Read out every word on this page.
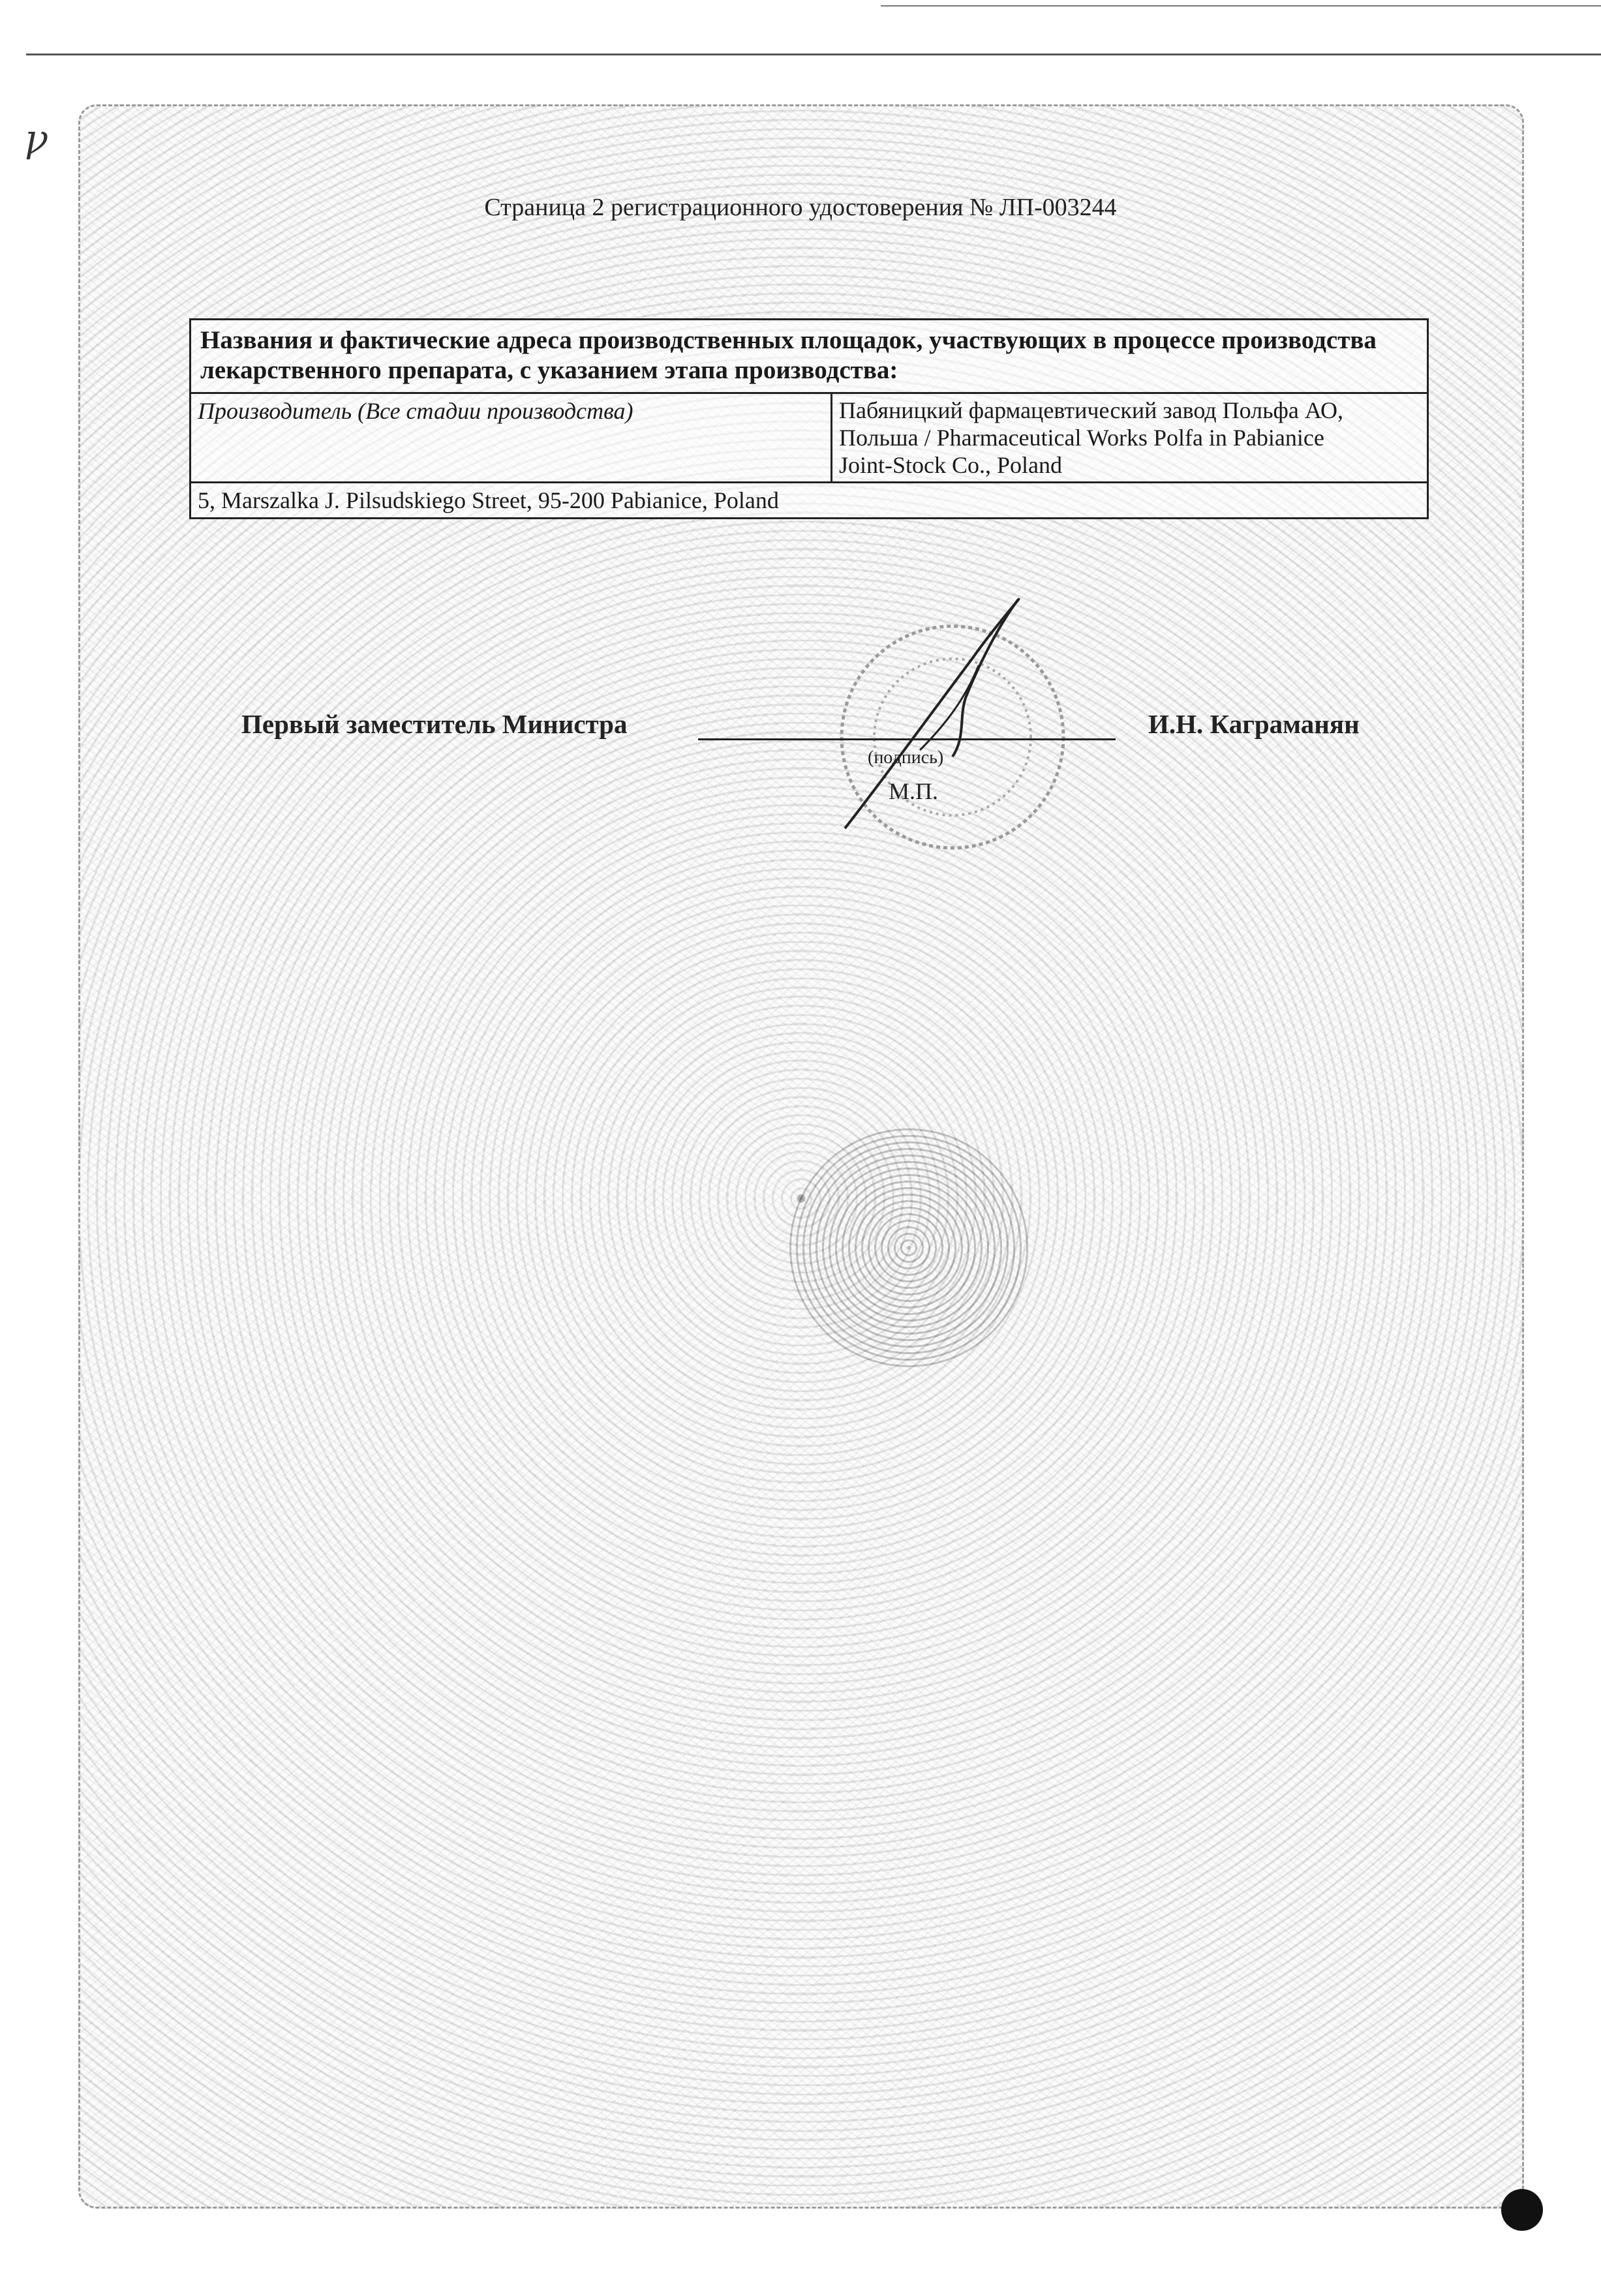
ꝩ
Страница 2 регистрационного удостоверения № ЛП-003244
Названия и фактические адреса производственных площадок, участвующих в процессе производства лекарственного препарата, с указанием этапа производства:
Производитель (Все стадии производства)	Пабяницкий фармацевтический завод Польфа АО,
Польша / Pharmaceutical Works Polfa in Pabianice
Joint-Stock Co., Poland

5, Marszalka J. Pilsudskiego Street, 95-200 Pabianice, Poland
Первый заместитель Министра	И.Н. Каграманян
(подпись)
М.П.
